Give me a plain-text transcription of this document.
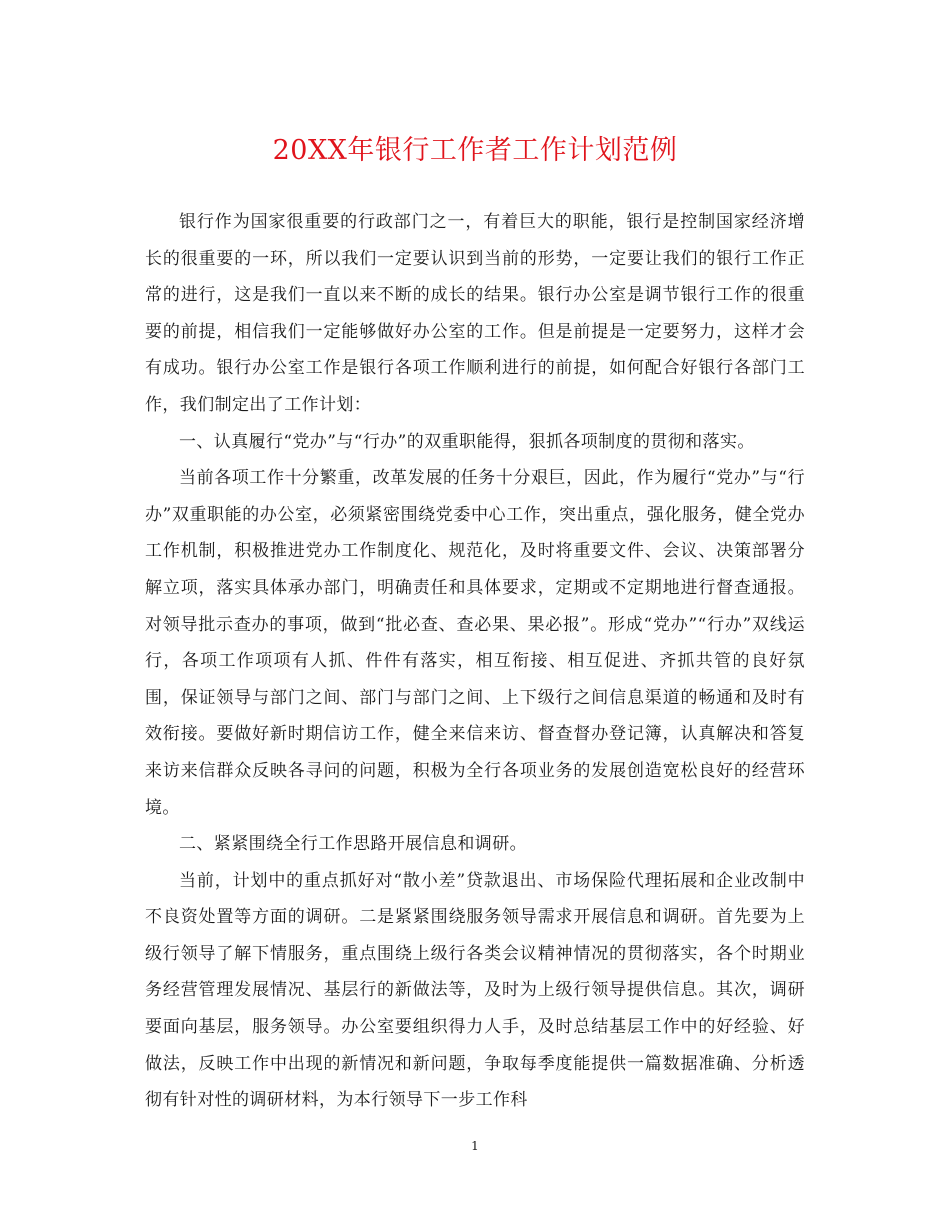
20XX年银行工作者工作计划范例

银行作为国家很重要的行政部门之一，有着巨大的职能，银行是控制国家经济增长的很重要的一环，所以我们一定要认识到当前的形势，一定要让我们的银行工作正常的进行，这是我们一直以来不断的成长的结果。银行办公室是调节银行工作的很重要的前提，相信我们一定能够做好办公室的工作。但是前提是一定要努力，这样才会有成功。银行办公室工作是银行各项工作顺利进行的前提，如何配合好银行各部门工作，我们制定出了工作计划：

一、认真履行“党办”与“行办”的双重职能得，狠抓各项制度的贯彻和落实。

当前各项工作十分繁重，改革发展的任务十分艰巨，因此，作为履行“党办”与“行办”双重职能的办公室，必须紧密围绕党委中心工作，突出重点，强化服务，健全党办工作机制，积极推进党办工作制度化、规范化，及时将重要文件、会议、决策部署分解立项，落实具体承办部门，明确责任和具体要求，定期或不定期地进行督查通报。对领导批示查办的事项，做到“批必查、查必果、果必报”。形成“党办”“行办”双线运行，各项工作项项有人抓、件件有落实，相互衔接、相互促进、齐抓共管的良好氛围，保证领导与部门之间、部门与部门之间、上下级行之间信息渠道的畅通和及时有效衔接。要做好新时期信访工作，健全来信来访、督查督办登记簿，认真解决和答复来访来信群众反映各寻问的问题，积极为全行各项业务的发展创造宽松良好的经营环境。

二、紧紧围绕全行工作思路开展信息和调研。

当前，计划中的重点抓好对“散小差”贷款退出、市场保险代理拓展和企业改制中不良资处置等方面的调研。二是紧紧围绕服务领导需求开展信息和调研。首先要为上级行领导了解下情服务，重点围绕上级行各类会议精神情况的贯彻落实，各个时期业务经营管理发展情况、基层行的新做法等，及时为上级行领导提供信息。其次，调研要面向基层，服务领导。办公室要组织得力人手，及时总结基层工作中的好经验、好做法，反映工作中出现的新情况和新问题，争取每季度能提供一篇数据准确、分析透彻有针对性的调研材料，为本行领导下一步工作科

1
